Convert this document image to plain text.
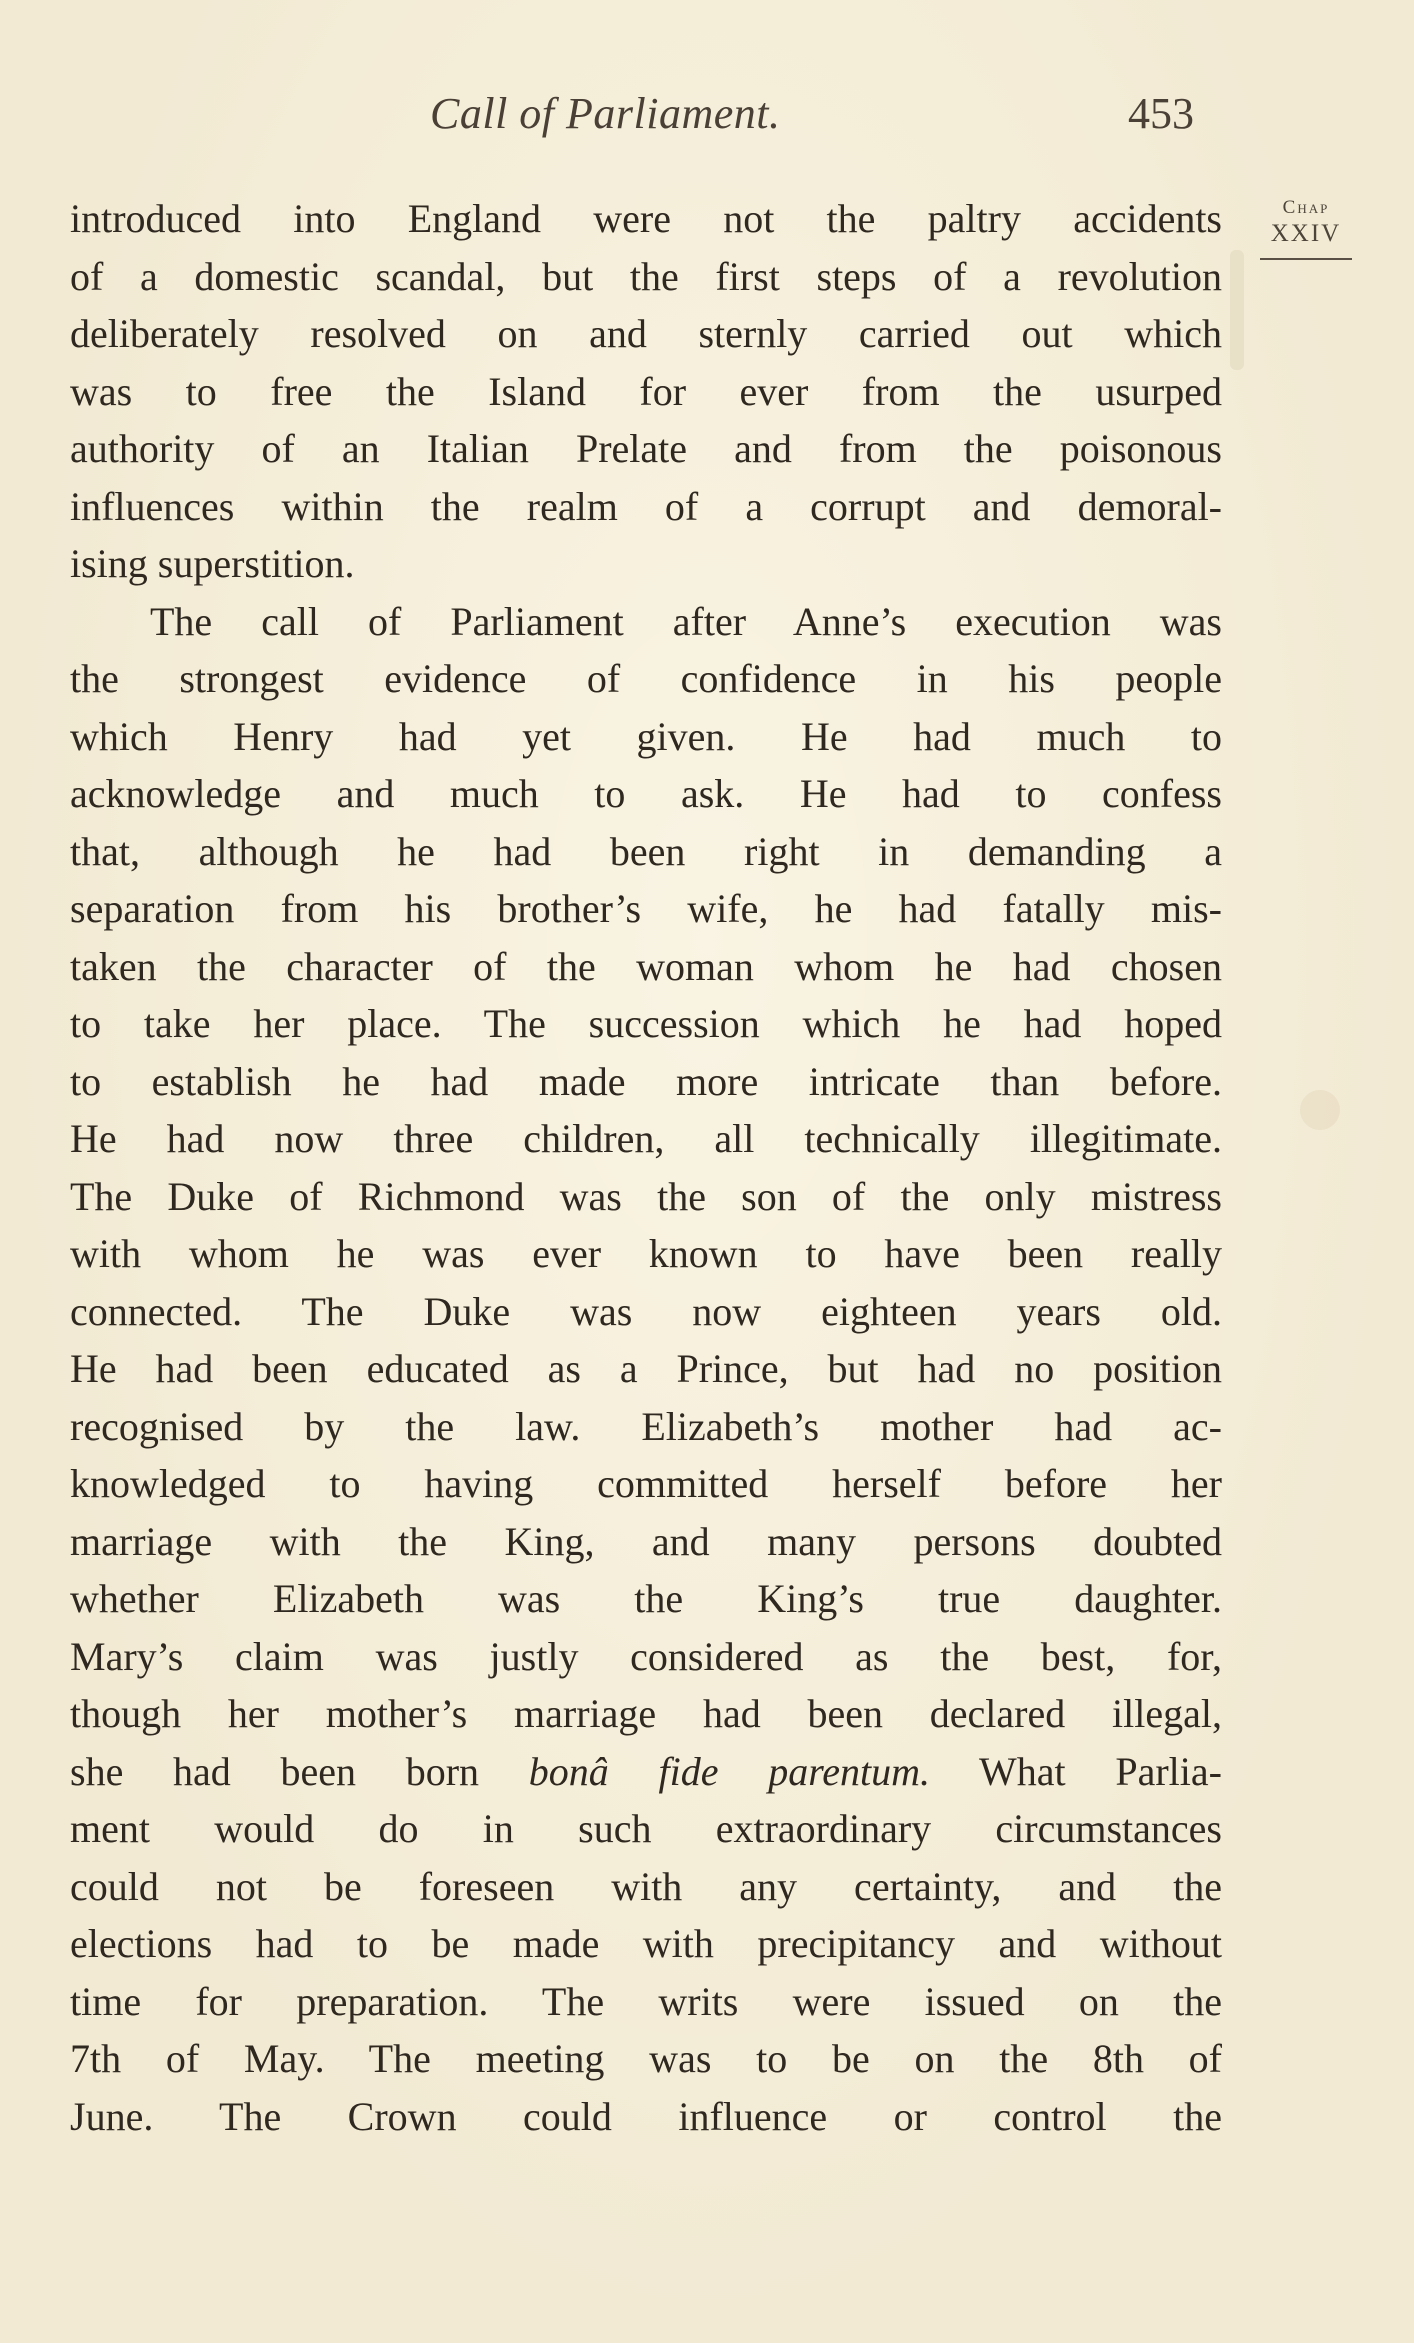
Call of Parliament.	453
Chap
XXIV
introduced into England were not the paltry accidents
of a domestic scandal, but the first steps of a revolution
deliberately resolved on and sternly carried out which
was to free the Island for ever from the usurped
authority of an Italian Prelate and from the poisonous
influences within the realm of a corrupt and demoral-
ising superstition.
The call of Parliament after Anne’s execution was
the strongest evidence of confidence in his people
which Henry had yet given. He had much to
acknowledge and much to ask. He had to confess
that, although he had been right in demanding a
separation from his brother’s wife, he had fatally mis-
taken the character of the woman whom he had chosen
to take her place. The succession which he had hoped
to establish he had made more intricate than before.
He had now three children, all technically illegitimate.
The Duke of Richmond was the son of the only mistress
with whom he was ever known to have been really
connected. The Duke was now eighteen years old.
He had been educated as a Prince, but had no position
recognised by the law. Elizabeth’s mother had ac-
knowledged to having committed herself before her
marriage with the King, and many persons doubted
whether Elizabeth was the King’s true daughter.
Mary’s claim was justly considered as the best, for,
though her mother’s marriage had been declared illegal,
she had been born bonâ fide parentum. What Parlia-
ment would do in such extraordinary circumstances
could not be foreseen with any certainty, and the
elections had to be made with precipitancy and without
time for preparation. The writs were issued on the
7th of May. The meeting was to be on the 8th of
June. The Crown could influence or control the
